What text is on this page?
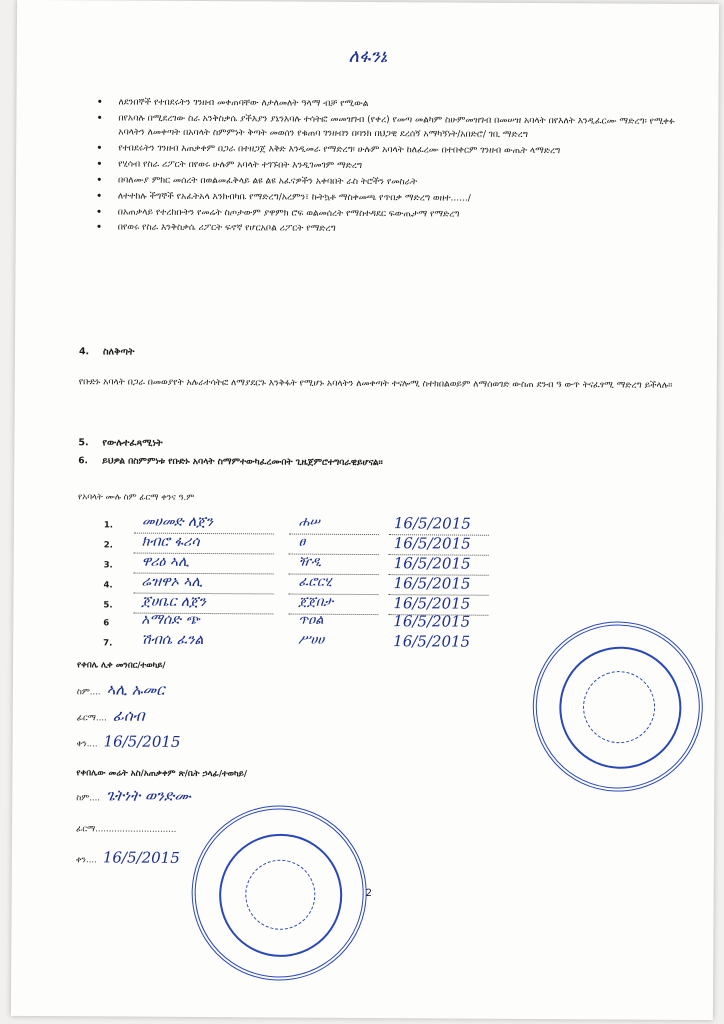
ለፋንኔ
• ለደንበኞች የተበደሩትን ገንዘብ መቀጠባቸው ለታለመለት ዓላማ ብቻ የሚውል
• በየአባሉ በሚደረገው ስራ አንቅስቃሴ ያችእያን ያኔንእባሉ ተሳትፎ መመዝገብ (የቀረ) የመጣ መልካም ስሁምመዝገብ በመሠዝ አባላት በየእለት እንዲፈርሙ ማድረግ፡ የሚቀፉ አባላትን ለመቀጣት በአባላት ስምምነት ቅጣት መወሰን የቁጠባ ገንዘብን በባንክ በህጋዊ ደረሰኝ አማካኝነት/አበድሮ/ ገቢ ማድረግ
• የተበደሩትን ገንዘብ እጠቃቀም በጋራ በተዘጋጀ እቅድ እንዲመራ የማድረግ፡ ሁሉም አባላት ከለፈረሙ በተበቀርም ገንዘብ ውጤት ላማድረግ
• የሂሳብ የስራ ሪፖርት በየወሩ ሁሉም አባላት ተገኙበት እንዲገመገም ማድረግ
• በባለሙያ ምክር መሰረት በወልመፈቅላይ ልዩ ልዩ አፈናዎችን አቀባበት ራስ ትሮችን የመስራት
• ለተተከሉ ችግኞች የአፈትአላ እንክብካቤ የማድረግ/አረምን፣ ኩትኳቶ ማስቀመጫ የጥበቃ ማድረግ ወዘተ....../
• በአጠቃላይ የተረከቡትን የመሬት ስጦታውም ያዋምክ ሮፍ ወልመሰረት የማስተዳደር ፍውጤታማ የማድረግ
• በየወሩ የስራ እንቅስቃሴ ሪፖርት ፍኖኛ የሆርአቦል ሪፖርት የማድረግ
4. ስለቅጣት
የቡድኑ አባላት በጋራ በመወያየት አሉራተሳትፎ ለማያደርጉ እንቅፋት የሚሆኑ አባላትን ለመቀጣት ተናሎሚ ስተክበልወይም ለማሰወገድ ውስጠ ደንብ ዓ ውጥ ትናፈፃሚ ማድረግ ይችላሉ።
5. የውሉተፈጻሚነት
6. ይህዎል በስምምነቱ የቡድኑ አባላት ስማምተውካፈረሙበት ጊዜጀምሮተግባራዊይሆናል።
የአባላት ሙሉ ስም ፊርማ ቀንና ዓ.ም
1. መሀመድ ለጀን	ሐሠ	16/5/2015
2. ክብሮ ፋሪሳ	ፀ	16/5/2015
3. ዋሪዕ ኣሊ	ዥዲ	16/5/2015
4. ሬዝዋኦ ኣሊ	ፈሮርሂ	16/5/2015
5. ጀሀቤር ለጀን	ጀጀበታ	16/5/2015
6 አማሰድ ጭ	ጥዐል	16/5/2015
7. ሽብሴ ፈንል	ሥሀሀ	16/5/2015
የቀበሌ ሊቀ መንበር/ተወካይ/
ስም.... ኣሊ ኡመር
ፊርማ.... ፊሰብ
ቀን.... 16/5/2015
የቀበሌው መሬት አስ/አጠቃቀም ጽ/ቤት ኃላፊ/ተወካይ/
ስም.... ጌትነት ወንድሙ
ፊርማ..............................
ቀን.... 16/5/2015
2
